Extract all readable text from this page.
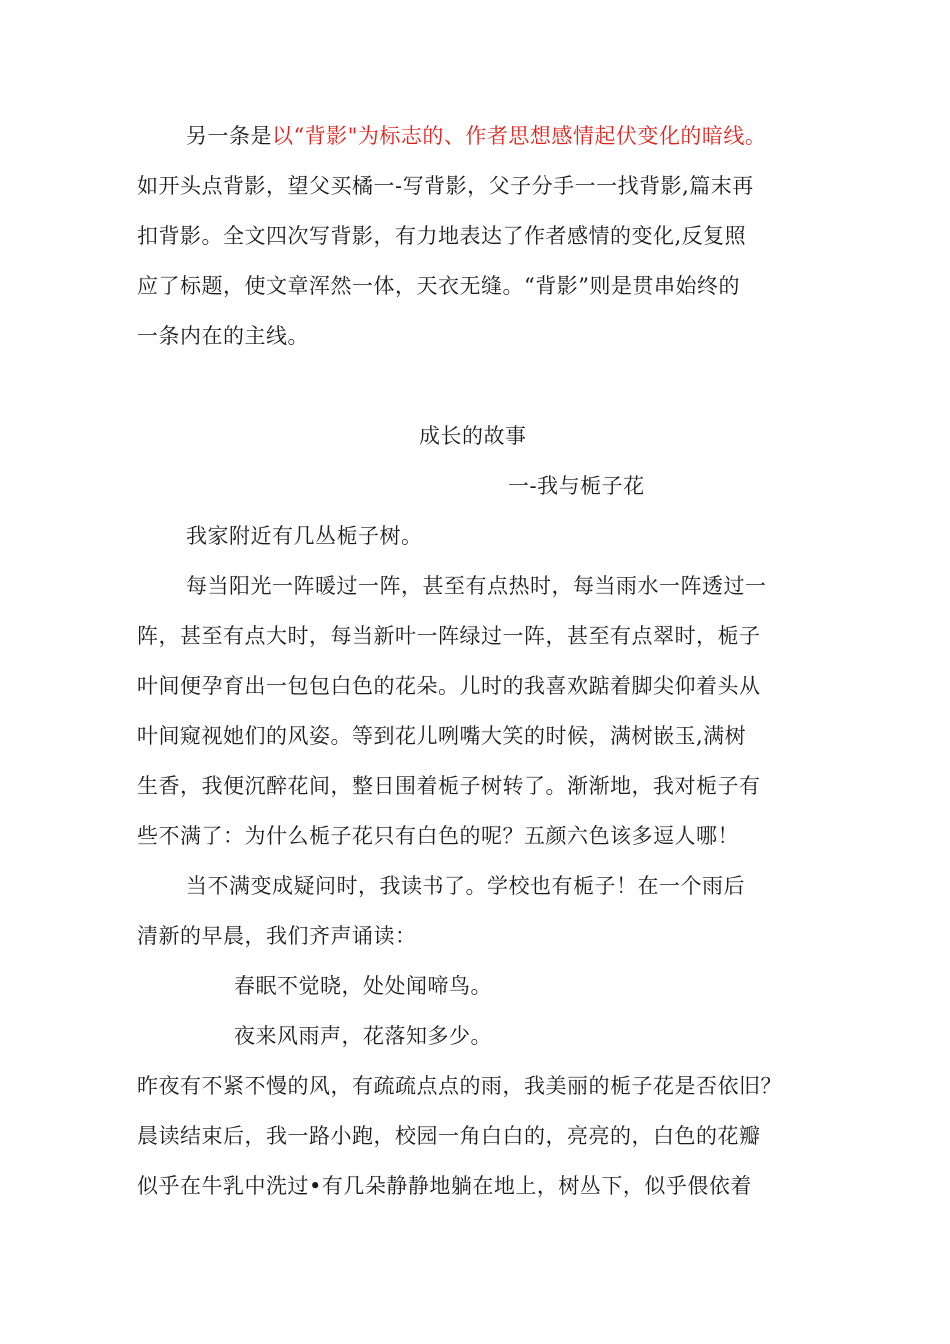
另一条是以“背影"为标志的、作者思想感情起伏变化的暗线。
如开头点背影，望父买橘一-写背影，父子分手一一找背影,篇末再
扣背影。全文四次写背影，有力地表达了作者感情的变化,反复照
应了标题，使文章浑然一体，天衣无缝。“背影”则是贯串始终的
一条内在的主线。
成长的故事
一-我与栀子花
我家附近有几丛栀子树。
每当阳光一阵暖过一阵，甚至有点热时，每当雨水一阵透过一
阵，甚至有点大时，每当新叶一阵绿过一阵，甚至有点翠时，栀子
叶间便孕育出一包包白色的花朵。儿时的我喜欢踮着脚尖仰着头从
叶间窥视她们的风姿。等到花儿咧嘴大笑的时候，满树嵌玉,满树
生香，我便沉醉花间，整日围着栀子树转了。渐渐地，我对栀子有
些不满了：为什么栀子花只有白色的呢？五颜六色该多逗人哪！
当不满变成疑问时，我读书了。学校也有栀子！在一个雨后
清新的早晨，我们齐声诵读：
春眠不觉晓，处处闻啼鸟。
夜来风雨声，花落知多少。
昨夜有不紧不慢的风，有疏疏点点的雨，我美丽的栀子花是否依旧？
晨读结束后，我一路小跑，校园一角白白的，亮亮的，白色的花瓣
似乎在牛乳中洗过•有几朵静静地躺在地上，树丛下，似乎偎依着
